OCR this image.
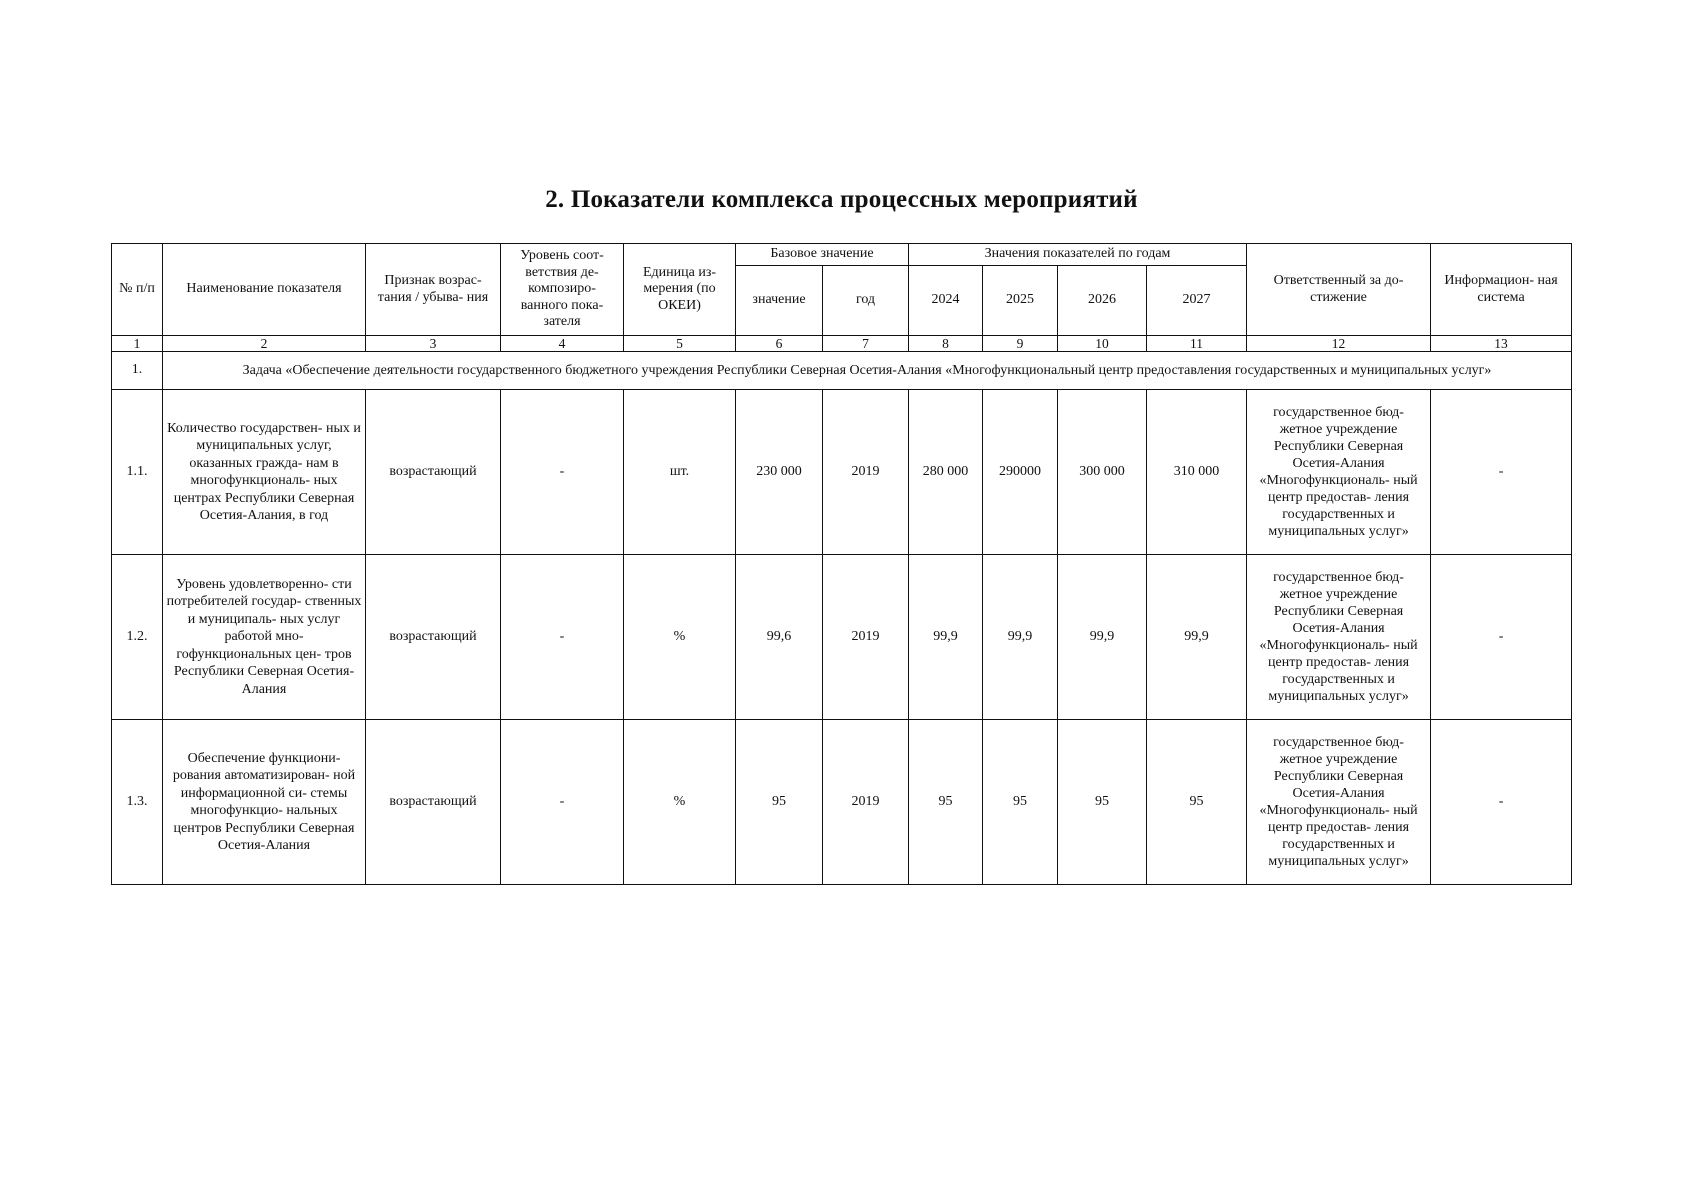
2. Показатели комплекса процессных мероприятий
№ п/п	Наименование показателя	Признак возрас- тания / убыва- ния	Уровень соот- ветствия де- композиро- ванного пока- зателя	Единица из- мерения (по ОКЕИ)	Базовое значение		Значения показателей по годам				Ответственный за до- стижение	Информацион- ная система
					значение	год	2024	2025	2026	2027		
1	2	3	4	5	6	7	8	9	10	11	12	13
1.	Задача «Обеспечение деятельности государственного бюджетного учреждения Республики Северная Осетия-Алания «Многофункциональный центр предоставления государственных и муниципальных услуг»											
1.1.	Количество государствен- ных и муниципальных услуг, оказанных гражда- нам в многофункциональ- ных центрах Республики Северная Осетия-Алания, в год	возрастающий	-	шт.	230 000	2019	280 000	290000	300 000	310 000	государственное бюд- жетное учреждение Республики Северная Осетия-Алания «Многофункциональ- ный центр предостав- ления государственных и муниципальных услуг»	-
1.2.	Уровень удовлетворенно- сти потребителей государ- ственных и муниципаль- ных услуг работой мно- гофункциональных цен- тров Республики Северная Осетия-Алания	возрастающий	-	%	99,6	2019	99,9	99,9	99,9	99,9	государственное бюд- жетное учреждение Республики Северная Осетия-Алания «Многофункциональ- ный центр предостав- ления государственных и муниципальных услуг»	-
1.3.	Обеспечение функциони- рования автоматизирован- ной информационной си- стемы многофункцио- нальных центров Республики Северная Осетия-Алания	возрастающий	-	%	95	2019	95	95	95	95	государственное бюд- жетное учреждение Республики Северная Осетия-Алания «Многофункциональ- ный центр предостав- ления государственных и муниципальных услуг»	-
